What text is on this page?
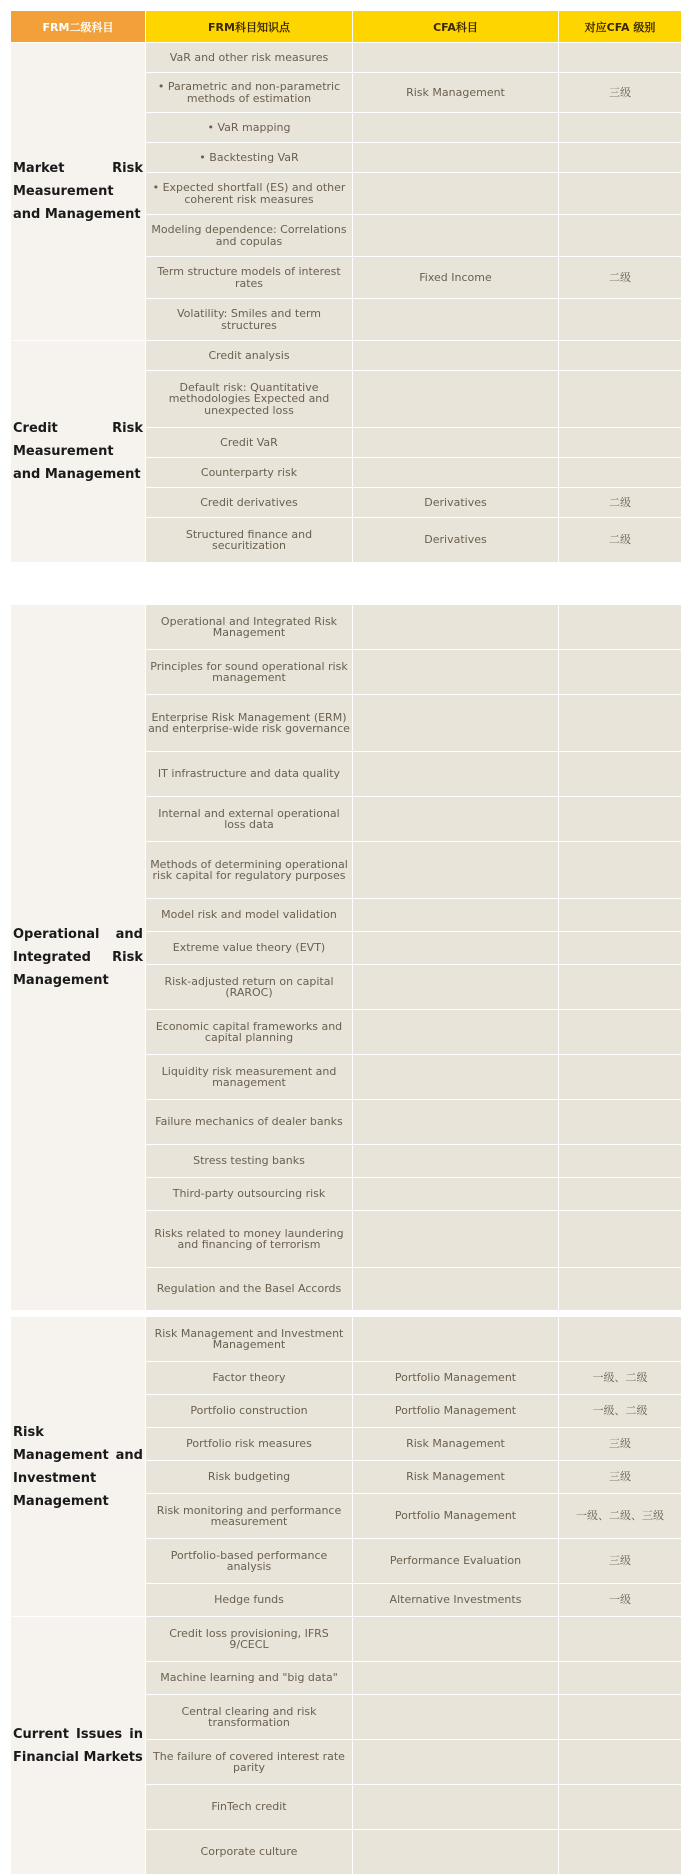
FRM二级科目	FRM科目知识点	CFA科目	对应CFA 级别
Market Risk Measurement and Management	VaR and other risk measures		
	• Parametric and non-parametric methods of estimation	Risk Management	三级
	• VaR mapping		
	• Backtesting VaR		
	• Expected shortfall (ES) and other coherent risk measures		
	Modeling dependence: Correlations and copulas		
	Term structure models of interest rates	Fixed Income	二级
	Volatility: Smiles and term structures		
Credit Risk Measurement and Management	Credit analysis		
	Default risk: Quantitative methodologies Expected and unexpected loss		
	Credit VaR		
	Counterparty risk		
	Credit derivatives	Derivatives	二级
	Structured finance and securitization	Derivatives	二级
Operational and Integrated Risk Management	Operational and Integrated Risk Management		
	Principles for sound operational risk management		
	Enterprise Risk Management (ERM) and enterprise-wide risk governance		
	IT infrastructure and data quality		
	Internal and external operational loss data		
	Methods of determining operational risk capital for regulatory purposes		
	Model risk and model validation		
	Extreme value theory (EVT)		
	Risk-adjusted return on capital (RAROC)		
	Economic capital frameworks and capital planning		
	Liquidity risk measurement and management		
	Failure mechanics of dealer banks		
	Stress testing banks		
	Third-party outsourcing risk		
	Risks related to money laundering and financing of terrorism		
	Regulation and the Basel Accords		
Risk Management and Investment Management	Risk Management and Investment Management		
	Factor theory	Portfolio Management	一级、二级
	Portfolio construction	Portfolio Management	一级、二级
	Portfolio risk measures	Risk Management	三级
	Risk budgeting	Risk Management	三级
	Risk monitoring and performance measurement	Portfolio Management	一级、二级、三级
	Portfolio-based performance analysis	Performance Evaluation	三级
	Hedge funds	Alternative Investments	一级
Current Issues in Financial Markets	Credit loss provisioning, IFRS 9/CECL		
	Machine learning and "big data"		
	Central clearing and risk transformation		
	The failure of covered interest rate parity		
	FinTech credit		
	Corporate culture		
